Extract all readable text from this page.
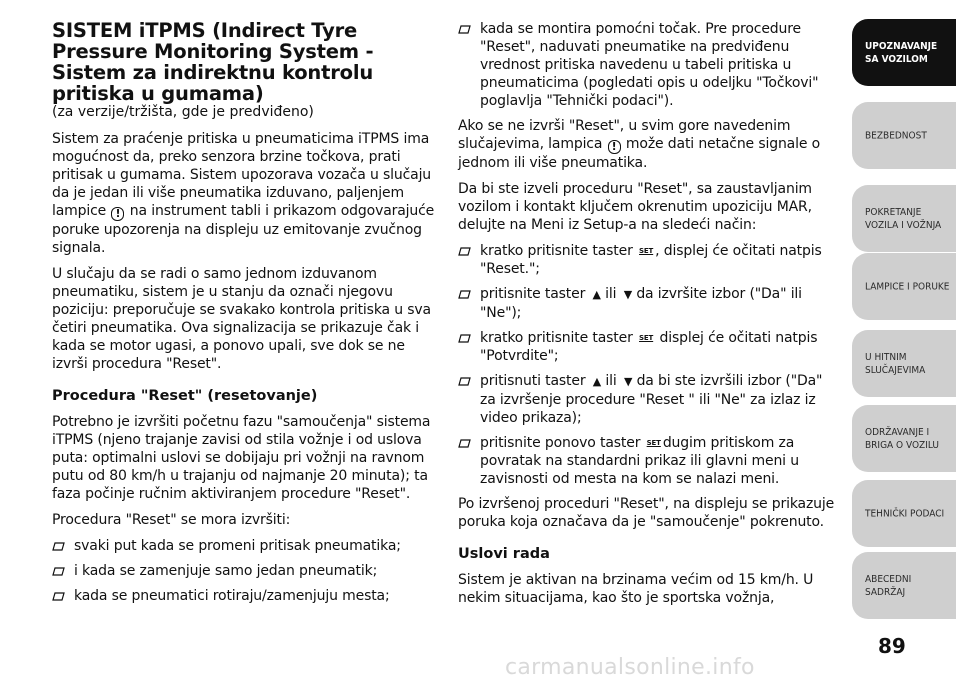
SISTEM iTPMS (Indirect Tyre Pressure Monitoring System - Sistem za indirektnu kontrolu pritiska u gumama)
(za verzije/tržišta, gde je predviđeno)

Sistem za praćenje pritiska u pneumaticima iTPMS ima mogućnost da, preko senzora brzine točkova, prati pritisak u gumama. Sistem upozorava vozača u slučaju da je jedan ili više pneumatika izduvano, paljenjem lampice ! na instrument tabli i prikazom odgovarajuće poruke upozorenja na displeju uz emitovanje zvučnog signala.

U slučaju da se radi o samo jednom izduvanom pneumatiku, sistem je u stanju da označi njegovu poziciju: preporučuje se svakako kontrola pritiska u sva četiri pneumatika. Ova signalizacija se prikazuje čak i kada se motor ugasi, a ponovo upali, sve dok se ne izvrši procedura "Reset".

Procedura "Reset" (resetovanje)

Potrebno je izvršiti početnu fazu "samoučenja" sistema iTPMS (njeno trajanje zavisi od stila vožnje i od uslova puta: optimalni uslovi se dobijaju pri vožnji na ravnom putu od 80 km/h u trajanju od najmanje 20 minuta); ta faza počinje ručnim aktiviranjem procedure "Reset".

Procedura "Reset" se mora izvršiti:

svaki put kada se promeni pritisak pneumatika;
i kada se zamenjuje samo jedan pneumatik;
kada se pneumatici rotiraju/zamenjuju mesta;
kada se montira pomoćni točak. Pre procedure "Reset", naduvati pneumatike na predviđenu vrednost pritiska navedenu u tabeli pritiska u pneumaticima (pogledati opis u odeljku "Točkovi" poglavlja "Tehnički podaci").

Ako se ne izvrši "Reset", u svim gore navedenim slučajevima, lampica ! može dati netačne signale o jednom ili više pneumatika.

Da bi ste izveli proceduru "Reset", sa zaustavljanim vozilom i kontakt ključem okrenutim upoziciju MAR, delujte na Meni iz Setup-a na sledeći način:

kratko pritisnite taster SET , displej će očitati natpis "Reset.";
pritisnite taster ▲ ili ▼ da izvršite izbor ("Da" ili "Ne");
kratko pritisnite taster SET displej će očitati natpis "Potvrdite";
pritisnuti taster ▲ ili ▼ da bi ste izvršili izbor ("Da" za izvršenje procedure "Reset " ili "Ne" za izlaz iz video prikaza);
pritisnite ponovo taster SET dugim pritiskom za povratak na standardni prikaz ili glavni meni u zavisnosti od mesta na kom se nalazi meni.

Po izvršenoj proceduri "Reset", na displeju se prikazuje poruka koja označava da je "samoučenje" pokrenuto.

Uslovi rada

Sistem je aktivan na brzinama većim od 15 km/h. U nekim situacijama, kao što je sportska vožnja,

UPOZNAVANJE SA VOZILOM
BEZBEDNOST
POKRETANJE VOZILA I VOŽNJA
LAMPICE I PORUKE
U HITNIM SLUČAJEVIMA
ODRŽAVANJE I BRIGA O VOZILU
TEHNIČKI PODACI
ABECEDNI SADRŽAJ
89
carmanualsonline.info
